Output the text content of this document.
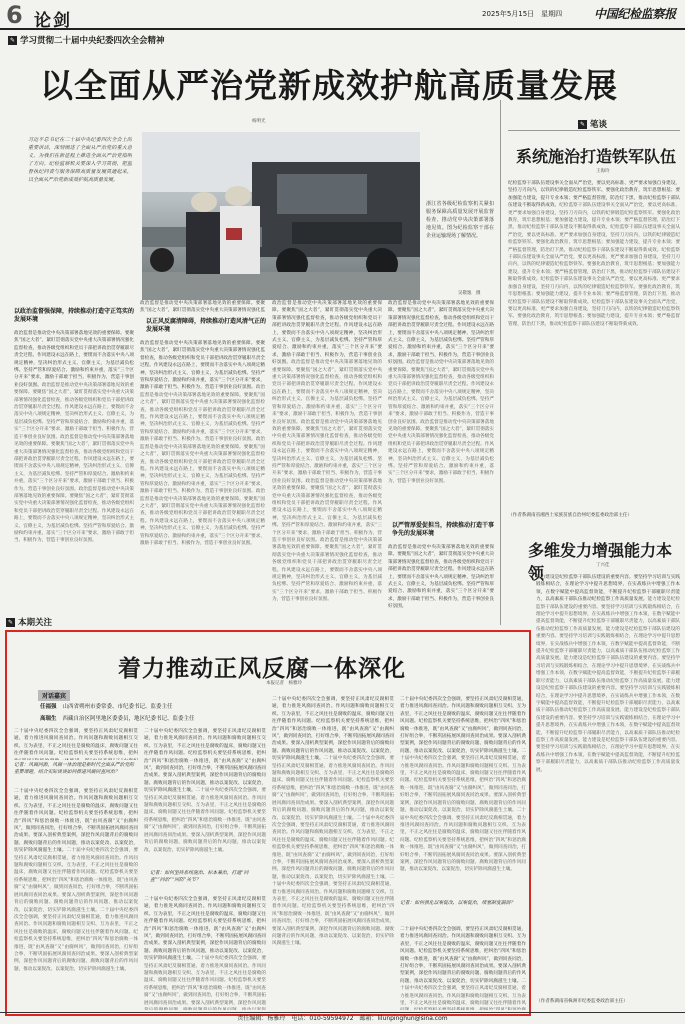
6 论剑	2025年5月15日　星期四	中国纪检监察报
✎ 学习贯彻二十届中央纪委四次全会精神
以全面从严治党新成效护航高质量发展
杨明光
习近平总书记在二十届中央纪委四次全会上的重要讲话，深刻阐述了全面从严治党的重大意义，为我们在新征程上推进全面从严治党指明了方向。纪检监察机关要深入学习贯彻，把监督执纪问责与服务保障高质量发展贯通起来，以全面从严治党新成效护航高质量发展。
浙江省各级纪检监察机关紧扣服务保障高质量发展开展监督检查，推动党中央决策部署落地见效。图为纪检监察干部在企业运输现场了解情况。
吴敬逸　摄
以政治监督强保障，持续推动打造守正笃实的发展环境
政治监督是推动党中央决策部署落地见效的重要保障。要聚焦“国之大者”，紧盯贯彻落实党中央重大决策部署情况强化监督检查，推动各级党组织和党员干部把讲政治贯穿履职尽责全过程。作风建设永远在路上，要锲而不舍落实中央八项规定精神，坚决纠治形式主义、官僚主义，为基层减负松绑。坚持严管和厚爱结合、激励和约束并重，落实“三个区分开来”要求，激励干部敢于担当、积极作为，营造干事创业良好氛围。政治监督是推动党中央决策部署落地见效的重要保障。要聚焦“国之大者”，紧盯贯彻落实党中央重大决策部署情况强化监督检查，推动各级党组织和党员干部把讲政治贯穿履职尽责全过程。作风建设永远在路上，要锲而不舍落实中央八项规定精神，坚决纠治形式主义、官僚主义，为基层减负松绑。坚持严管和厚爱结合、激励和约束并重，落实“三个区分开来”要求，激励干部敢于担当、积极作为，营造干事创业良好氛围。政治监督是推动党中央决策部署落地见效的重要保障。要聚焦“国之大者”，紧盯贯彻落实党中央重大决策部署情况强化监督检查，推动各级党组织和党员干部把讲政治贯穿履职尽责全过程。作风建设永远在路上，要锲而不舍落实中央八项规定精神，坚决纠治形式主义、官僚主义，为基层减负松绑。坚持严管和厚爱结合、激励和约束并重，落实“三个区分开来”要求，激励干部敢于担当、积极作为，营造干事创业良好氛围。政治监督是推动党中央决策部署落地见效的重要保障。要聚焦“国之大者”，紧盯贯彻落实党中央重大决策部署情况强化监督检查，推动各级党组织和党员干部把讲政治贯穿履职尽责全过程。作风建设永远在路上，要锲而不舍落实中央八项规定精神，坚决纠治形式主义、官僚主义，为基层减负松绑。坚持严管和厚爱结合、激励和约束并重，落实“三个区分开来”要求，激励干部敢于担当、积极作为，营造干事创业良好氛围。
政治监督是推动党中央决策部署落地见效的重要保障。要聚焦“国之大者”，紧盯贯彻落实党中央重大决策部署情况强化监
以正风反腐清障碍，持续推动打造风清气正的发展环境
政治监督是推动党中央决策部署落地见效的重要保障。要聚焦“国之大者”，紧盯贯彻落实党中央重大决策部署情况强化监督检查，推动各级党组织和党员干部把讲政治贯穿履职尽责全过程。作风建设永远在路上，要锲而不舍落实中央八项规定精神，坚决纠治形式主义、官僚主义，为基层减负松绑。坚持严管和厚爱结合、激励和约束并重，落实“三个区分开来”要求，激励干部敢于担当、积极作为，营造干事创业良好氛围。政治监督是推动党中央决策部署落地见效的重要保障。要聚焦“国之大者”，紧盯贯彻落实党中央重大决策部署情况强化监督检查，推动各级党组织和党员干部把讲政治贯穿履职尽责全过程。作风建设永远在路上，要锲而不舍落实中央八项规定精神，坚决纠治形式主义、官僚主义，为基层减负松绑。坚持严管和厚爱结合、激励和约束并重，落实“三个区分开来”要求，激励干部敢于担当、积极作为，营造干事创业良好氛围。政治监督是推动党中央决策部署落地见效的重要保障。要聚焦“国之大者”，紧盯贯彻落实党中央重大决策部署情况强化监督检查，推动各级党组织和党员干部把讲政治贯穿履职尽责全过程。作风建设永远在路上，要锲而不舍落实中央八项规定精神，坚决纠治形式主义、官僚主义，为基层减负松绑。坚持严管和厚爱结合、激励和约束并重，落实“三个区分开来”要求，激励干部敢于担当、积极作为，营造干事创业良好氛围。政治监督是推动党中央决策部署落地见效的重要保障。要聚焦“国之大者”，紧盯贯彻落实党中央重大决策部署情况强化监督检查，推动各级党组织和党员干部把讲政治贯穿履职尽责全过程。作风建设永远在路上，要锲而不舍落实中央八项规定精神，坚决纠治形式主义、官僚主义，为基层减负松绑。坚持严管和厚爱结合、激励和约束并重，落实“三个区分开来”要求，激励干部敢于担当、积极作为，营造干事创业良好氛围。
政治监督是推动党中央决策部署落地见效的重要保障。要聚焦“国之大者”，紧盯贯彻落实党中央重大决策部署情况强化监督检查，推动各级党组织和党员干部把讲政治贯穿履职尽责全过程。作风建设永远在路上，要锲而不舍落实中央八项规定精神，坚决纠治形式主义、官僚主义，为基层减负松绑。坚持严管和厚爱结合、激励和约束并重，落实“三个区分开来”要求，激励干部敢于担当、积极作为，营造干事创业良好氛围。政治监督是推动党中央决策部署落地见效的重要保障。要聚焦“国之大者”，紧盯贯彻落实党中央重大决策部署情况强化监督检查，推动各级党组织和党员干部把讲政治贯穿履职尽责全过程。作风建设永远在路上，要锲而不舍落实中央八项规定精神，坚决纠治形式主义、官僚主义，为基层减负松绑。坚持严管和厚爱结合、激励和约束并重，落实“三个区分开来”要求，激励干部敢于担当、积极作为，营造干事创业良好氛围。政治监督是推动党中央决策部署落地见效的重要保障。要聚焦“国之大者”，紧盯贯彻落实党中央重大决策部署情况强化监督检查，推动各级党组织和党员干部把讲政治贯穿履职尽责全过程。作风建设永远在路上，要锲而不舍落实中央八项规定精神，坚决纠治形式主义、官僚主义，为基层减负松绑。坚持严管和厚爱结合、激励和约束并重，落实“三个区分开来”要求，激励干部敢于担当、积极作为，营造干事创业良好氛围。政治监督是推动党中央决策部署落地见效的重要保障。要聚焦“国之大者”，紧盯贯彻落实党中央重大决策部署情况强化监督检查，推动各级党组织和党员干部把讲政治贯穿履职尽责全过程。作风建设永远在路上，要锲而不舍落实中央八项规定精神，坚决纠治形式主义、官僚主义，为基层减负松绑。坚持严管和厚爱结合、激励和约束并重，落实“三个区分开来”要求，激励干部敢于担当、积极作为，营造干事创业良好氛围。政治监督是推动党中央决策部署落地见效的重要保障。要聚焦“国之大者”，紧盯贯彻落实党中央重大决策部署情况强化监督检查，推动各级党组织和党员干部把讲政治贯穿履职尽责全过程。作风建设永远在路上，要锲而不舍落实中央八项规定精神，坚决纠治形式主义、官僚主义，为基层减负松绑。坚持严管和厚爱结合、激励和约束并重，落实“三个区分开来”要求，激励干部敢于担当、积极作为，营造干事创业良好氛围。
政治监督是推动党中央决策部署落地见效的重要保障。要聚焦“国之大者”，紧盯贯彻落实党中央重大决策部署情况强化监督检查，推动各级党组织和党员干部把讲政治贯穿履职尽责全过程。作风建设永远在路上，要锲而不舍落实中央八项规定精神，坚决纠治形式主义、官僚主义，为基层减负松绑。坚持严管和厚爱结合、激励和约束并重，落实“三个区分开来”要求，激励干部敢于担当、积极作为，营造干事创业良好氛围。政治监督是推动党中央决策部署落地见效的重要保障。要聚焦“国之大者”，紧盯贯彻落实党中央重大决策部署情况强化监督检查，推动各级党组织和党员干部把讲政治贯穿履职尽责全过程。作风建设永远在路上，要锲而不舍落实中央八项规定精神，坚决纠治形式主义、官僚主义，为基层减负松绑。坚持严管和厚爱结合、激励和约束并重，落实“三个区分开来”要求，激励干部敢于担当、积极作为，营造干事创业良好氛围。政治监督是推动党中央决策部署落地见效的重要保障。要聚焦“国之大者”，紧盯贯彻落实党中央重大决策部署情况强化监督检查，推动各级党组织和党员干部把讲政治贯穿履职尽责全过程。作风建设永远在路上，要锲而不舍落实中央八项规定精神，坚决纠治形式主义、官僚主义，为基层减负松绑。坚持严管和厚爱结合、激励和约束并重，落实“三个区分开来”要求，激励干部敢于担当、积极作为，营造干事创业良好氛围。
以严管厚爱促担当，持续推动打造干事争先的发展环境
政治监督是推动党中央决策部署落地见效的重要保障。要聚焦“国之大者”，紧盯贯彻落实党中央重大决策部署情况强化监督检查，推动各级党组织和党员干部把讲政治贯穿履职尽责全过程。作风建设永远在路上，要锲而不舍落实中央八项规定精神，坚决纠治形式主义、官僚主义，为基层减负松绑。坚持严管和厚爱结合、激励和约束并重，落实“三个区分开来”要求，激励干部敢于担当、积极作为，营造干事创业良好氛围。
✎ 笔谈
系统施治打造铁军队伍
王海玲
纪检监察干部队伍建设事关全面从严治党，要以更高标准、更严要求加强自身建设，坚持刀刃向内，以铁的纪律锻造纪检监察铁军。要强化政治教育，筑牢思想根基；要加强能力建设，提升专业本领；要严格监督管理，防治灯下黑，推动纪检监察干部队伍建设不断取得新成效。纪检监察干部队伍建设事关全面从严治党，要以更高标准、更严要求加强自身建设，坚持刀刃向内，以铁的纪律锻造纪检监察铁军。要强化政治教育，筑牢思想根基；要加强能力建设，提升专业本领；要严格监督管理，防治灯下黑，推动纪检监察干部队伍建设不断取得新成效。纪检监察干部队伍建设事关全面从严治党，要以更高标准、更严要求加强自身建设，坚持刀刃向内，以铁的纪律锻造纪检监察铁军。要强化政治教育，筑牢思想根基；要加强能力建设，提升专业本领；要严格监督管理，防治灯下黑，推动纪检监察干部队伍建设不断取得新成效。纪检监察干部队伍建设事关全面从严治党，要以更高标准、更严要求加强自身建设，坚持刀刃向内，以铁的纪律锻造纪检监察铁军。要强化政治教育，筑牢思想根基；要加强能力建设，提升专业本领；要严格监督管理，防治灯下黑，推动纪检监察干部队伍建设不断取得新成效。纪检监察干部队伍建设事关全面从严治党，要以更高标准、更严要求加强自身建设，坚持刀刃向内，以铁的纪律锻造纪检监察铁军。要强化政治教育，筑牢思想根基；要加强能力建设，提升专业本领；要严格监督管理，防治灯下黑，推动纪检监察干部队伍建设不断取得新成效。纪检监察干部队伍建设事关全面从严治党，要以更高标准、更严要求加强自身建设，坚持刀刃向内，以铁的纪律锻造纪检监察铁军。要强化政治教育，筑牢思想根基；要加强能力建设，提升专业本领；要严格监督管理，防治灯下黑，推动纪检监察干部队伍建设不断取得新成效。
（作者系湖南省湘西土家族苗族自治州纪委监委政治部主任）
多维发力增强能力本领	丁兴佳
能力建设是纪检监察干部队伍建设的重要内容。要坚持学习培训与实践锻炼相结合，在理论学习中提升思想境界，在实战练兵中增强工作本领，在数字赋能中提高监督效能，不断提升纪检监察干部履职尽责能力，以高素质干部队伍推动纪检监察工作高质量发展。能力建设是纪检监察干部队伍建设的重要内容。要坚持学习培训与实践锻炼相结合，在理论学习中提升思想境界，在实战练兵中增强工作本领，在数字赋能中提高监督效能，不断提升纪检监察干部履职尽责能力，以高素质干部队伍推动纪检监察工作高质量发展。能力建设是纪检监察干部队伍建设的重要内容。要坚持学习培训与实践锻炼相结合，在理论学习中提升思想境界，在实战练兵中增强工作本领，在数字赋能中提高监督效能，不断提升纪检监察干部履职尽责能力，以高素质干部队伍推动纪检监察工作高质量发展。能力建设是纪检监察干部队伍建设的重要内容。要坚持学习培训与实践锻炼相结合，在理论学习中提升思想境界，在实战练兵中增强工作本领，在数字赋能中提高监督效能，不断提升纪检监察干部履职尽责能力，以高素质干部队伍推动纪检监察工作高质量发展。能力建设是纪检监察干部队伍建设的重要内容。要坚持学习培训与实践锻炼相结合，在理论学习中提升思想境界，在实战练兵中增强工作本领，在数字赋能中提高监督效能，不断提升纪检监察干部履职尽责能力，以高素质干部队伍推动纪检监察工作高质量发展。能力建设是纪检监察干部队伍建设的重要内容。要坚持学习培训与实践锻炼相结合，在理论学习中提升思想境界，在实战练兵中增强工作本领，在数字赋能中提高监督效能，不断提升纪检监察干部履职尽责能力，以高素质干部队伍推动纪检监察工作高质量发展。能力建设是纪检监察干部队伍建设的重要内容。要坚持学习培训与实践锻炼相结合，在理论学习中提升思想境界，在实战练兵中增强工作本领，在数字赋能中提高监督效能，不断提升纪检监察干部履职尽责能力，以高素质干部队伍推动纪检监察工作高质量发展。
（作者系湖南省株洲市纪委监委政治部主任）
✎ 本期关注
着力推动正风反腐一体深化
本报记者　杨雅玲
对话嘉宾
任福强 山西省朔州市委常委、市纪委书记、监委主任
高瑞生 西藏自治区阿里地区委委员，地区纪委书记、监委主任
二十届中央纪委四次全会强调，要坚持正风肃纪反腐相贯通，着力推进风腐同查同治。作风问题和腐败问题相互交织、互为表里，不正之风往往是腐败的温床，腐败问题又往往伴随着作风问题。纪检监察机关要坚持系统思维，把纠
记者：风腐同源，风腐一体治理是新时代全面从严治党的重要课题，结合实际谈谈如何推进风腐同查同治？
二十届中央纪委四次全会强调，要坚持正风肃纪反腐相贯通，着力推进风腐同查同治。作风问题和腐败问题相互交织、互为表里，不正之风往往是腐败的温床，腐败问题又往往伴随着作风问题。纪检监察机关要坚持系统思维，把纠治“四风”和惩治腐败一体推进，既“由风查腐”又“由腐纠风”，做到同查同治，打好组合拳，不断巩固拓展风腐同查同治成果。要深入剖析典型案例，深挖作风问题背后的腐败问题、腐败问题背后的作风问题，推动以案促改、以案促治，切实铲除风腐滋生土壤。二十届中央纪委四次全会强调，要坚持正风肃纪反腐相贯通，着力推进风腐同查同治。作风问题和腐败问题相互交织、互为表里，不正之风往往是腐败的温床，腐败问题又往往伴随着作风问题。纪检监察机关要坚持系统思维，把纠治“四风”和惩治腐败一体推进，既“由风查腐”又“由腐纠风”，做到同查同治，打好组合拳，不断巩固拓展风腐同查同治成果。要深入剖析典型案例，深挖作风问题背后的腐败问题、腐败问题背后的作风问题，推动以案促改、以案促治，切实铲除风腐滋生土壤。二十届中央纪委四次全会强调，要坚持正风肃纪反腐相贯通，着力推进风腐同查同治。作风问题和腐败问题相互交织、互为表里，不正之风往往是腐败的温床，腐败问题又往往伴随着作风问题。纪检监察机关要坚持系统思维，把纠治“四风”和惩治腐败一体推进，既“由风查腐”又“由腐纠风”，做到同查同治，打好组合拳，不断巩固拓展风腐同查同治成果。要深入剖析典型案例，深挖作风问题背后的腐败问题、腐败问题背后的作风问题，推动以案促改、以案促治，切实铲除风腐滋生土壤。
二十届中央纪委四次全会强调，要坚持正风肃纪反腐相贯通，着力推进风腐同查同治。作风问题和腐败问题相互交织、互为表里，不正之风往往是腐败的温床，腐败问题又往往伴随着作风问题。纪检监察机关要坚持系统思维，把纠治“四风”和惩治腐败一体推进，既“由风查腐”又“由腐纠风”，做到同查同治，打好组合拳，不断巩固拓展风腐同查同治成果。要深入剖析典型案例，深挖作风问题背后的腐败问题、腐败问题背后的作风问题，推动以案促改、以案促治，切实铲除风腐滋生土壤。二十届中央纪委四次全会强调，要坚持正风肃纪反腐相贯通，着力推进风腐同查同治。作风问题和腐败问题相互交织、互为表里，不正之风往往是腐败的温床，腐败问题又往往伴随着作风问题。纪检监察机关要坚持系统思维，把纠治“四风”和惩治腐败一体推进，既“由风查腐”又“由腐纠风”，做到同查同治，打好组合拳，不断巩固拓展风腐同查同治成果。要深入剖析典型案例，深挖作风问题背后的腐败问题、腐败问题背后的作风问题，推动以案促改、以案促治，切实铲除风腐滋生土壤。
记者：如何坚持系统施治、标本兼治，打通“同查”“同治”“同防”关节？
二十届中央纪委四次全会强调，要坚持正风肃纪反腐相贯通，着力推进风腐同查同治。作风问题和腐败问题相互交织、互为表里，不正之风往往是腐败的温床，腐败问题又往往伴随着作风问题。纪检监察机关要坚持系统思维，把纠治“四风”和惩治腐败一体推进，既“由风查腐”又“由腐纠风”，做到同查同治，打好组合拳，不断巩固拓展风腐同查同治成果。要深入剖析典型案例，深挖作风问题背后的腐败问题、腐败问题背后的作风问题，推动以案促改、以案促治，切实铲除风腐滋生土壤。二十届中央纪委四次全会强调，要坚持正风肃纪反腐相贯通，着力推进风腐同查同治。作风问题和腐败问题相互交织、互为表里，不正之风往往是腐败的温床，腐败问题又往往伴随着作风问题。纪检监察机关要坚持系统思维，把纠治“四风”和惩治腐败一体推进，既“由风查腐”又“由腐纠风”，做到同查同治，打好组合拳，不断巩固拓展风腐同查同治成果。要深入剖析典型案例，深挖作风问题
二十届中央纪委四次全会强调，要坚持正风肃纪反腐相贯通，着力推进风腐同查同治。作风问题和腐败问题相互交织、互为表里，不正之风往往是腐败的温床，腐败问题又往往伴随着作风问题。纪检监察机关要坚持系统思维，把纠治“四风”和惩治腐败一体推进，既“由风查腐”又“由腐纠风”，做到同查同治，打好组合拳，不断巩固拓展风腐同查同治成果。要深入剖析典型案例，深挖作风问题背后的腐败问题、腐败问题背后的作风问题，推动以案促改、以案促治，切实铲除风腐滋生土壤。二十届中央纪委四次全会强调，要坚持正风肃纪反腐相贯通，着力推进风腐同查同治。作风问题和腐败问题相互交织、互为表里，不正之风往往是腐败的温床，腐败问题又往往伴随着作风问题。纪检监察机关要坚持系统思维，把纠治“四风”和惩治腐败一体推进，既“由风查腐”又“由腐纠风”，做到同查同治，打好组合拳，不断巩固拓展风腐同查同治成果。要深入剖析典型案例，深挖作风问题背后的腐败问题、腐败问题背后的作风问题，推动以案促改、以案促治，切实铲除风腐滋生土壤。二十届中央纪委四次全会强调，要坚持正风肃纪反腐相贯通，着力推进风腐同查同治。作风问题和腐败问题相互交织、互为表里，不正之风往往是腐败的温床，腐败问题又往往伴随着作风问题。纪检监察机关要坚持系统思维，把纠治“四风”和惩治腐败一体推进，既“由风查腐”又“由腐纠风”，做到同查同治，打好组合拳，不断巩固拓展风腐同查同治成果。要深入剖析典型案例，深挖作风问题背后的腐败问题、腐败问题背后的作风问题，推动以案促改、以案促治，切实铲除风腐滋生土壤。二十届中央纪委四次全会强调，要坚持正风肃纪反腐相贯通，着力推进风腐同查同治。作风问题和腐败问题相互交织、互为表里，不正之风往往是腐败的温床，腐败问题又往往伴随着作风问题。纪检监察机关要坚持系统思维，把纠治“四风”和惩治腐败一体推进，既“由风查腐”又“由腐纠风”，做到同查同治，打好组合拳，不断巩固拓展风腐同查同治成果。要深入剖析典型案例，深挖作风问题背后的腐败问题、腐败问题背后的作风问题，推动以案促改、以案促治，切实铲除风腐滋生土壤。
二十届中央纪委四次全会强调，要坚持正风肃纪反腐相贯通，着力推进风腐同查同治。作风问题和腐败问题相互交织、互为表里，不正之风往往是腐败的温床，腐败问题又往往伴随着作风问题。纪检监察机关要坚持系统思维，把纠治“四风”和惩治腐败一体推进，既“由风查腐”又“由腐纠风”，做到同查同治，打好组合拳，不断巩固拓展风腐同查同治成果。要深入剖析典型案例，深挖作风问题背后的腐败问题、腐败问题背后的作风问题，推动以案促改、以案促治，切实铲除风腐滋生土壤。二十届中央纪委四次全会强调，要坚持正风肃纪反腐相贯通，着力推进风腐同查同治。作风问题和腐败问题相互交织、互为表里，不正之风往往是腐败的温床，腐败问题又往往伴随着作风问题。纪检监察机关要坚持系统思维，把纠治“四风”和惩治腐败一体推进，既“由风查腐”又“由腐纠风”，做到同查同治，打好组合拳，不断巩固拓展风腐同查同治成果。要深入剖析典型案例，深挖作风问题背后的腐败问题、腐败问题背后的作风问题，推动以案促改、以案促治，切实铲除风腐滋生土壤。二十届中央纪委四次全会强调，要坚持正风肃纪反腐相贯通，着力推进风腐同查同治。作风问题和腐败问题相互交织、互为表里，不正之风往往是腐败的温床，腐败问题又往往伴随着作风问题。纪检监察机关要坚持系统思维，把纠治“四风”和惩治腐败一体推进，既“由风查腐”又“由腐纠风”，做到同查同治，打好组合拳，不断巩固拓展风腐同查同治成果。要深入剖析典型案例，深挖作风问题背后的腐败问题、腐败问题背后的作风问题，推动以案促改、以案促治，切实铲除风腐滋生土壤。
记者：如何强化以案促改、以案促治，堵塞制度漏洞？
二十届中央纪委四次全会强调，要坚持正风肃纪反腐相贯通，着力推进风腐同查同治。作风问题和腐败问题相互交织、互为表里，不正之风往往是腐败的温床，腐败问题又往往伴随着作风问题。纪检监察机关要坚持系统思维，把纠治“四风”和惩治腐败一体推进，既“由风查腐”又“由腐纠风”，做到同查同治，打好组合拳，不断巩固拓展风腐同查同治成果。要深入剖析典型案例，深挖作风问题背后的腐败问题、腐败问题背后的作风问题，推动以案促改、以案促治，切实铲除风腐滋生土壤。二十届中央纪委四次全会强调，要坚持正风肃纪反腐相贯通，着力推进风腐同查同治。作风问题和腐败问题相互交织、互为表里，不正之风往往是腐败的温床，腐败问题又往往伴随着作风
责任编辑：杨雅玲　电话：010-59594972　邮箱：lilunpinghun@sina.com
